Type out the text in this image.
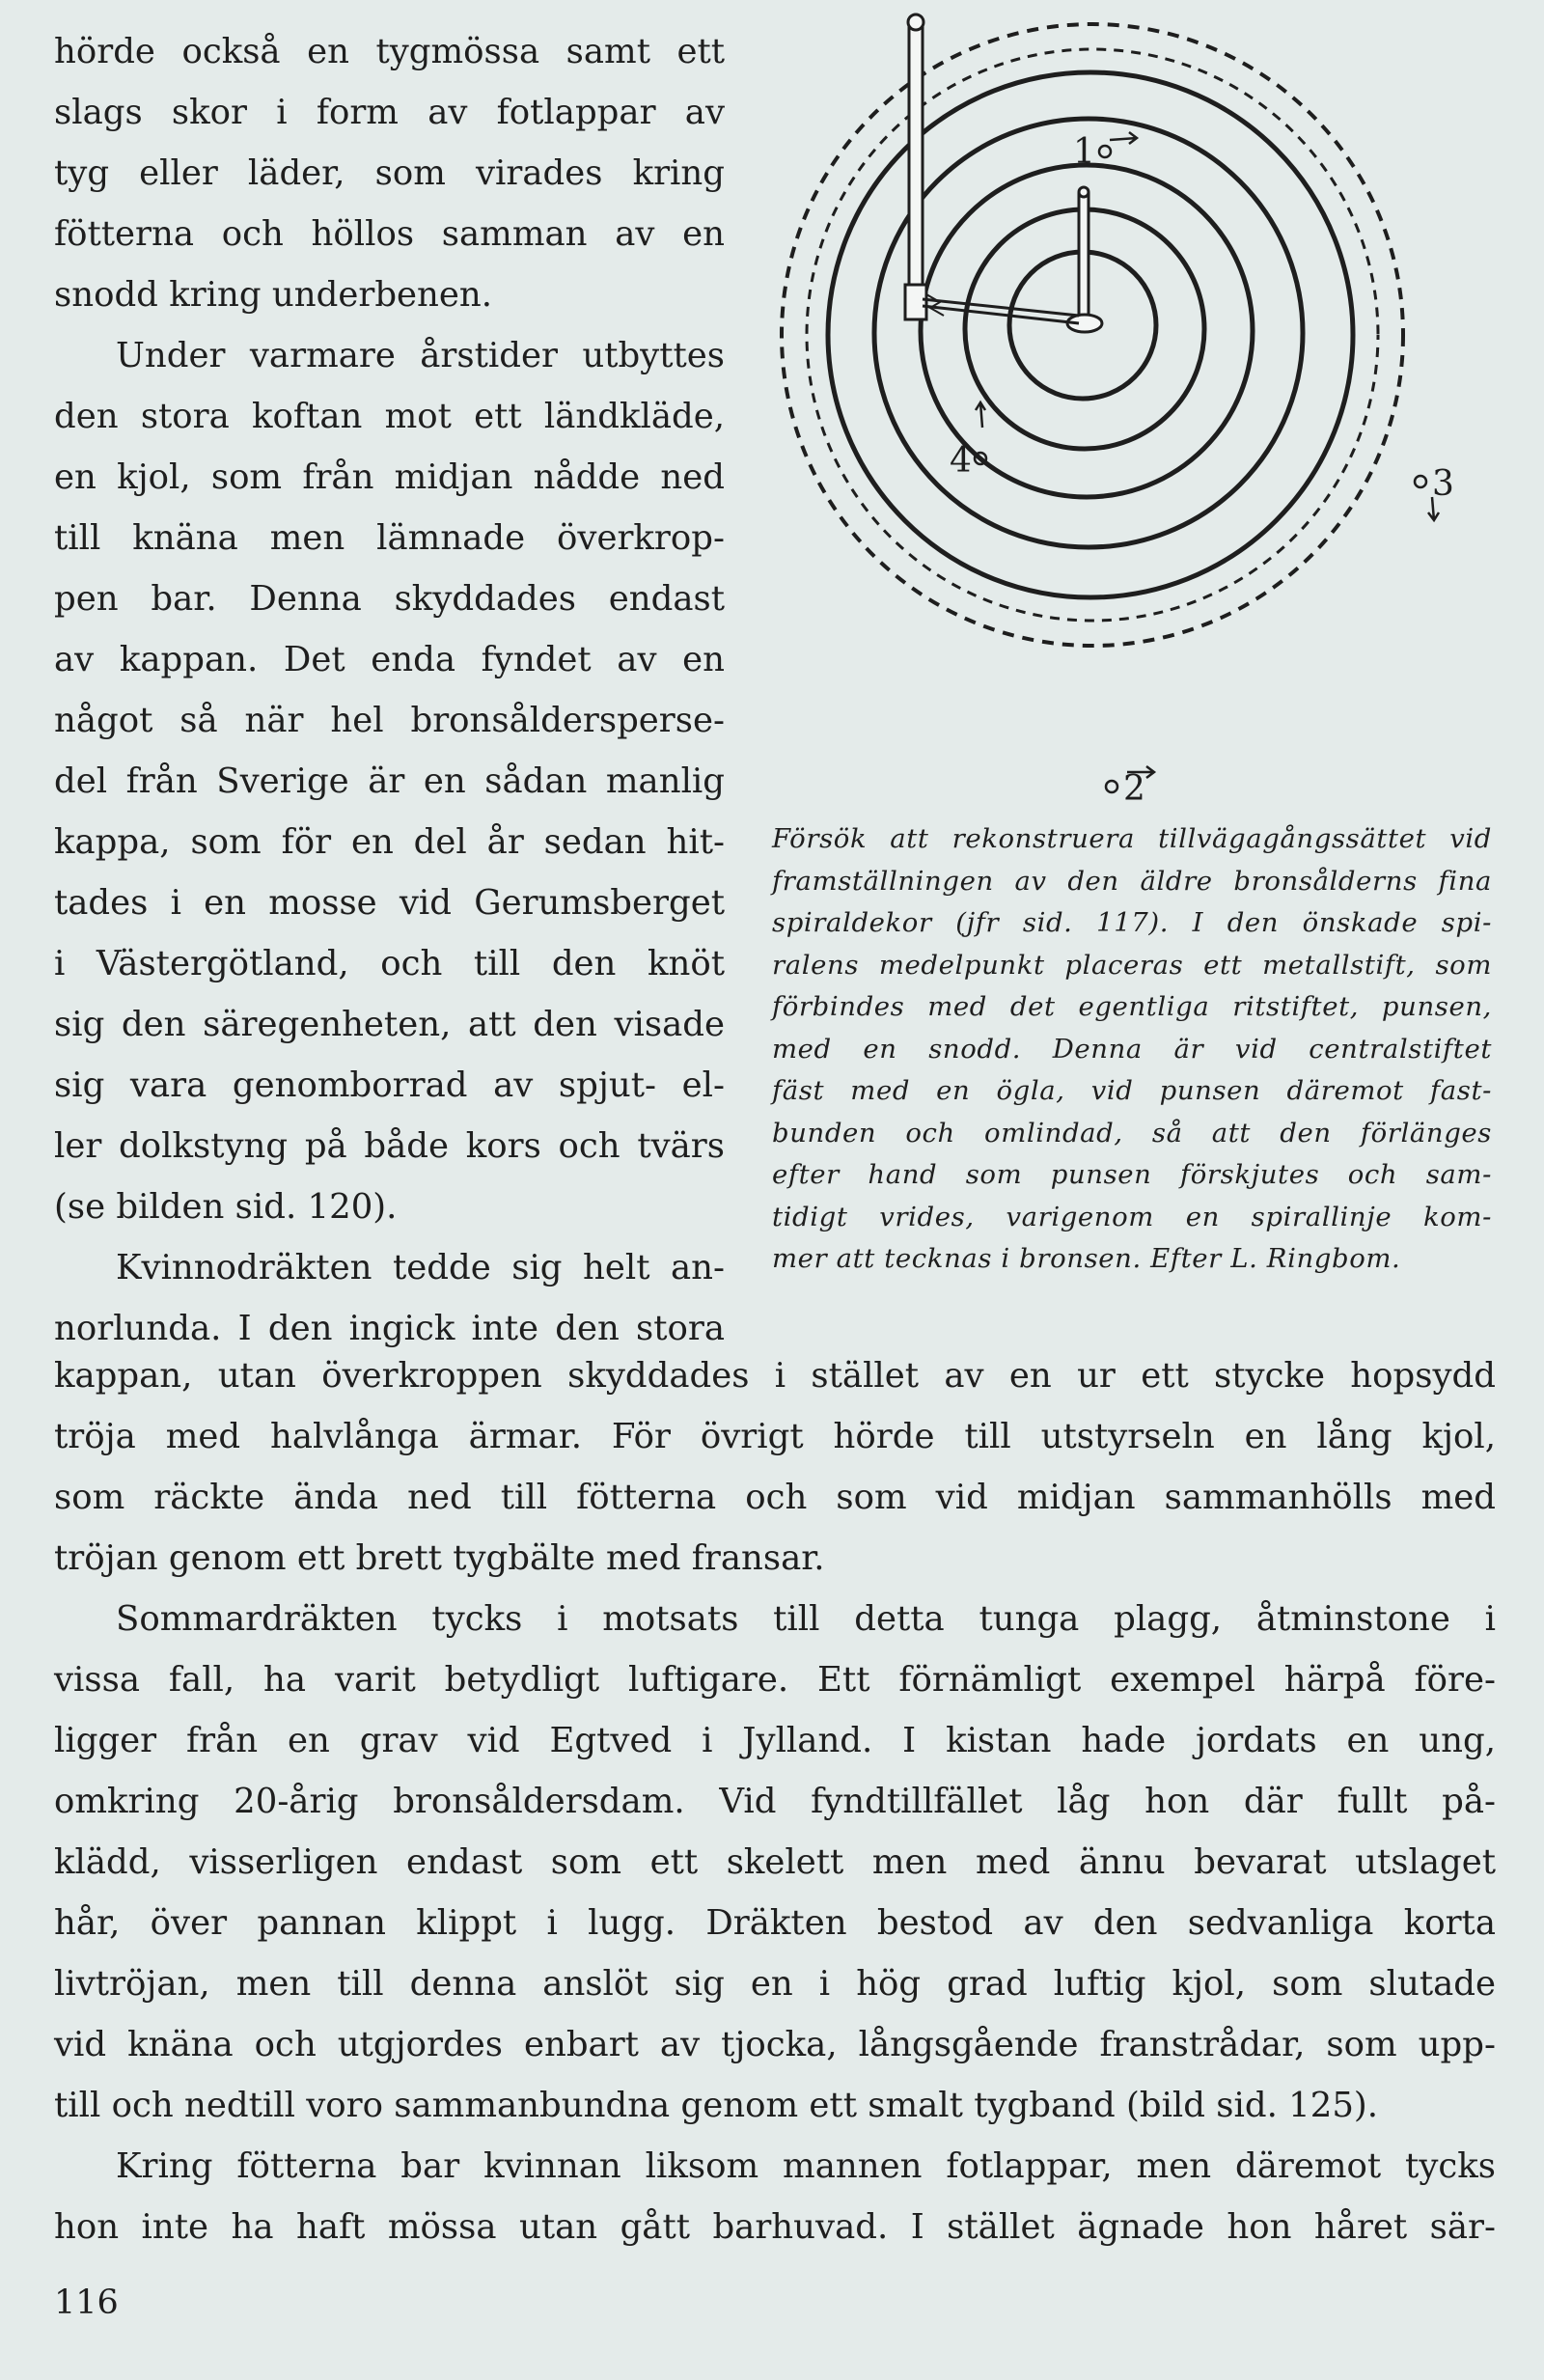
hörde också en tygmössa samt ett
slags skor i form av fotlappar av
tyg eller läder, som virades kring
fötterna och höllos samman av en
snodd kring underbenen.
Under varmare årstider utbyttes
den stora koftan mot ett ländkläde,
en kjol, som från midjan nådde ned
till knäna men lämnade överkrop-
pen bar. Denna skyddades endast
av kappan. Det enda fyndet av en
något så när hel bronsåldersperse-
del från Sverige är en sådan manlig
kappa, som för en del år sedan hit-
tades i en mosse vid Gerumsberget
i Västergötland, och till den knöt
sig den säregenheten, att den visade
sig vara genomborrad av spjut- el-
ler dolkstyng på både kors och tvärs
(se bilden sid. 120).
Kvinnodräkten tedde sig helt an-
norlunda. I den ingick inte den stora
1
2
3
4
Försök att rekonstruera tillvägagångssättet vid
framställningen av den äldre bronsålderns fina
spiraldekor (jfr sid. 117). I den önskade spi-
ralens medelpunkt placeras ett metallstift, som
förbindes med det egentliga ritstiftet, punsen,
med en snodd. Denna är vid centralstiftet
fäst med en ögla, vid punsen däremot fast-
bunden och omlindad, så att den förlänges
efter hand som punsen förskjutes och sam-
tidigt vrides, varigenom en spirallinje kom-
mer att tecknas i bronsen. Efter L. Ringbom.
kappan, utan överkroppen skyddades i stället av en ur ett stycke hopsydd
tröja med halvlånga ärmar. För övrigt hörde till utstyrseln en lång kjol,
som räckte ända ned till fötterna och som vid midjan sammanhölls med
tröjan genom ett brett tygbälte med fransar.
Sommardräkten tycks i motsats till detta tunga plagg, åtminstone i
vissa fall, ha varit betydligt luftigare. Ett förnämligt exempel härpå före-
ligger från en grav vid Egtved i Jylland. I kistan hade jordats en ung,
omkring 20-årig bronsåldersdam. Vid fyndtillfället låg hon där fullt på-
klädd, visserligen endast som ett skelett men med ännu bevarat utslaget
hår, över pannan klippt i lugg. Dräkten bestod av den sedvanliga korta
livtröjan, men till denna anslöt sig en i hög grad luftig kjol, som slutade
vid knäna och utgjordes enbart av tjocka, långsgående franstrådar, som upp-
till och nedtill voro sammanbundna genom ett smalt tygband (bild sid. 125).
Kring fötterna bar kvinnan liksom mannen fotlappar, men däremot tycks
hon inte ha haft mössa utan gått barhuvad. I stället ägnade hon håret sär-
116
